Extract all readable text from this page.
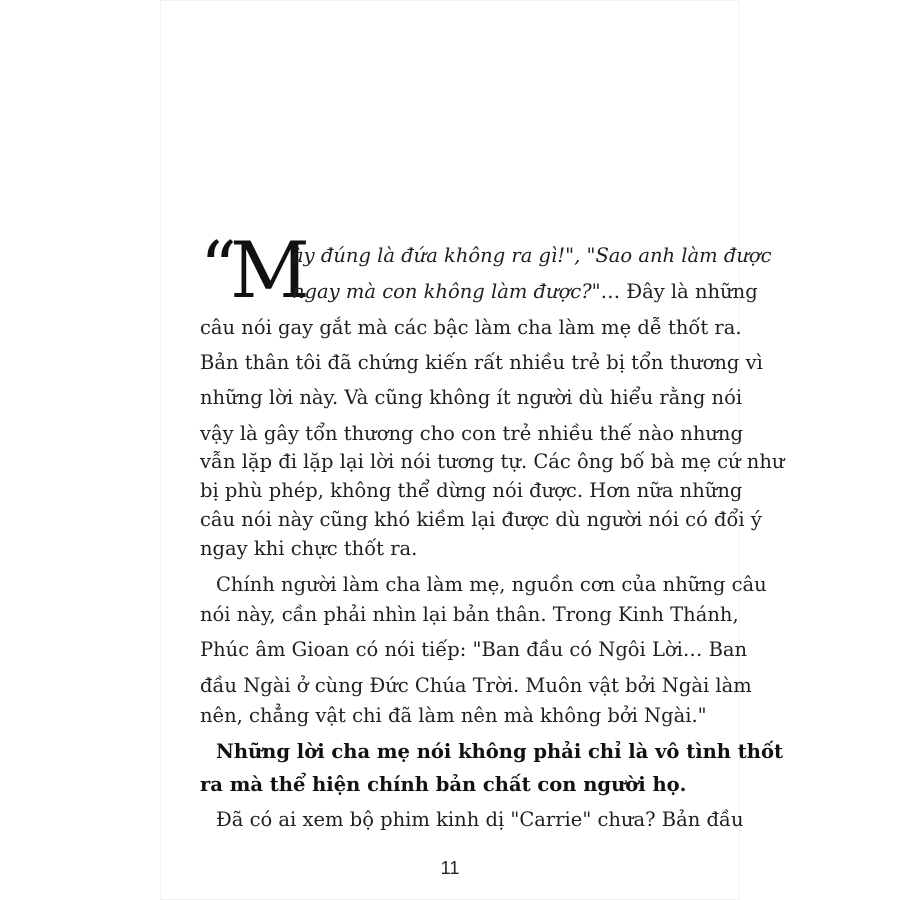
“
M
ày đúng là đứa không ra gì!", "Sao anh làm được
ngay mà con không làm được?"… Đây là những
câu nói gay gắt mà các bậc làm cha làm mẹ dễ thốt ra.
Bản thân tôi đã chứng kiến rất nhiều trẻ bị tổn thương vì
những lời này. Và cũng không ít người dù hiểu rằng nói
vậy là gây tổn thương cho con trẻ nhiều thế nào nhưng
vẫn lặp đi lặp lại lời nói tương tự. Các ông bố bà mẹ cứ như
bị phù phép, không thể dừng nói được. Hơn nữa những
câu nói này cũng khó kiềm lại được dù người nói có đổi ý
ngay khi chực thốt ra.
Chính người làm cha làm mẹ, nguồn cơn của những câu
nói này, cần phải nhìn lại bản thân. Trong Kinh Thánh,
Phúc âm Gioan có nói tiếp: "Ban đầu có Ngôi Lời… Ban
đầu Ngài ở cùng Đức Chúa Trời. Muôn vật bởi Ngài làm
nên, chẳng vật chi đã làm nên mà không bởi Ngài."
Những lời cha mẹ nói không phải chỉ là vô tình thốt
11
ra mà thể hiện chính bản chất con người họ.
Đã có ai xem bộ phim kinh dị "Carrie" chưa? Bản đầu
